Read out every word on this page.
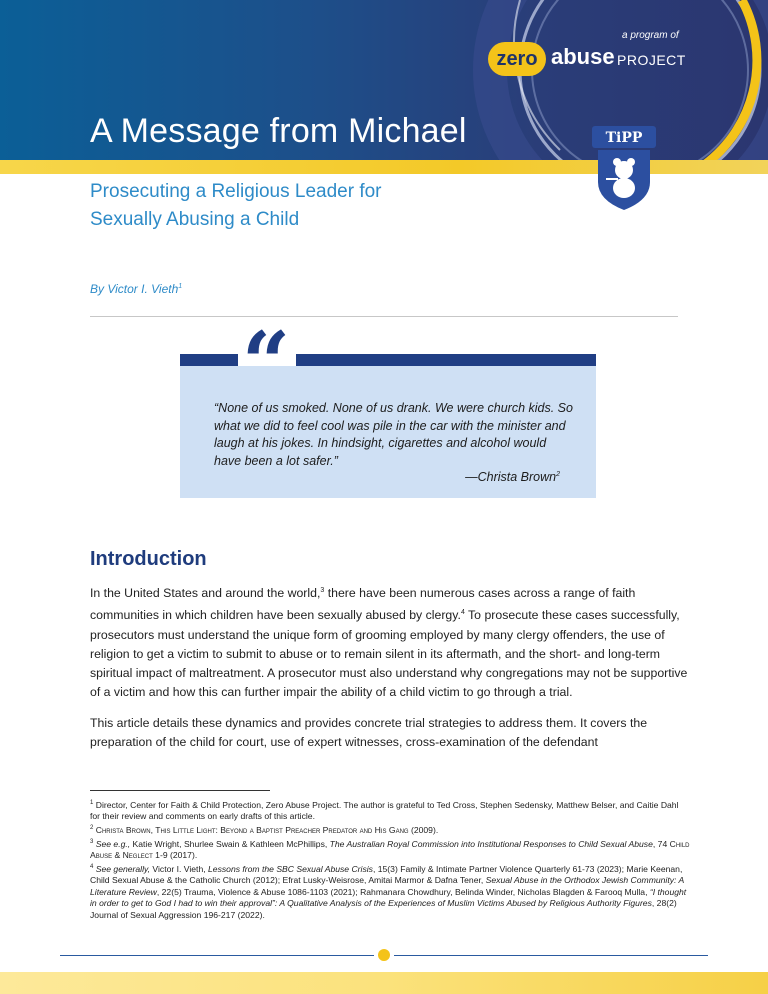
A Message from Michael
a program of
zero abuse PROJECT
TiPP
Prosecuting a Religious Leader for
Sexually Abusing a Child
By Victor I. Vieth$^1$
“
“None of us smoked. None of us drank. We were church kids. So what we did to feel cool was pile in the car with the minister and laugh at his jokes. In hindsight, cigarettes and alcohol would have been a lot safer.”
—Christa Brown$^2$
Introduction
In the United States and around the world,$^3$ there have been numerous cases across a range of faith communities in which children have been sexually abused by clergy.$^4$ To prosecute these cases successfully, prosecutors must understand the unique form of grooming employed by many clergy offenders, the use of religion to get a victim to submit to abuse or to remain silent in its aftermath, and the short- and long-term spiritual impact of maltreatment. A prosecutor must also understand why congregations may not be supportive of a victim and how this can further impair the ability of a child victim to go through a trial.
This article details these dynamics and provides concrete trial strategies to address them. It covers the preparation of the child for court, use of expert witnesses, cross-examination of the defendant

$^1$ Director, Center for Faith & Child Protection, Zero Abuse Project. The author is grateful to Ted Cross, Stephen Sedensky, Matthew Belser, and Caitie Dahl for their review and comments on early drafts of this article.

$^2$ Christa Brown, This Little Light: Beyond a Baptist Preacher Predator and His Gang (2009).

$^3$ See e.g., Katie Wright, Shurlee Swain & Kathleen McPhillips, The Australian Royal Commission into Institutional Responses to Child Sexual Abuse, 74 Child Abuse & Neglect 1-9 (2017).

$^4$ See generally, Victor I. Vieth, Lessons from the SBC Sexual Abuse Crisis, 15(3) Family & Intimate Partner Violence Quarterly 61-73 (2023); Marie Keenan, Child Sexual Abuse & the Catholic Church (2012); Efrat Lusky-Weisrose, Amitai Marmor & Dafna Tener, Sexual Abuse in the Orthodox Jewish Community: A Literature Review, 22(5) Trauma, Violence & Abuse 1086-1103 (2021); Rahmanara Chowdhury, Belinda Winder, Nicholas Blagden & Farooq Mulla, “I thought in order to get to God I had to win their approval”: A Qualitative Analysis of the Experiences of Muslim Victims Abused by Religious Authority Figures, 28(2) Journal of Sexual Aggression 196-217 (2022).
